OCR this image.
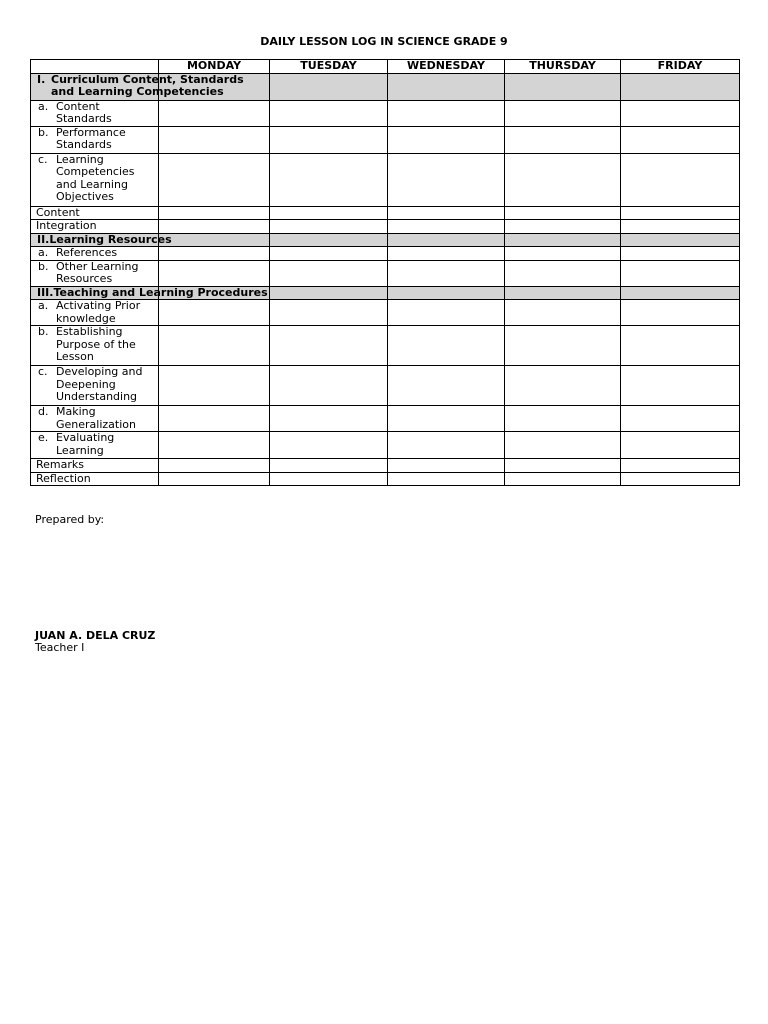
DAILY LESSON LOG IN SCIENCE GRADE 9
	MONDAY	TUESDAY	WEDNESDAY	THURSDAY	FRIDAY

I. Curriculum Content, Standards
and Learning Competencies					

a. Content Standards					

b. Performance Standards					

c. Learning Competencies and Learning Objectives					

Content					

Integration					

II. Learning Resources					

a. References					

b. Other Learning Resources					

III. Teaching and Learning Procedures					

a. Activating Prior knowledge					

b. Establishing Purpose of the Lesson					

c. Developing and Deepening Understanding					

d. Making Generalization					

e. Evaluating Learning					

Remarks					

Reflection					

Prepared by:
JUAN A. DELA CRUZ
Teacher I
